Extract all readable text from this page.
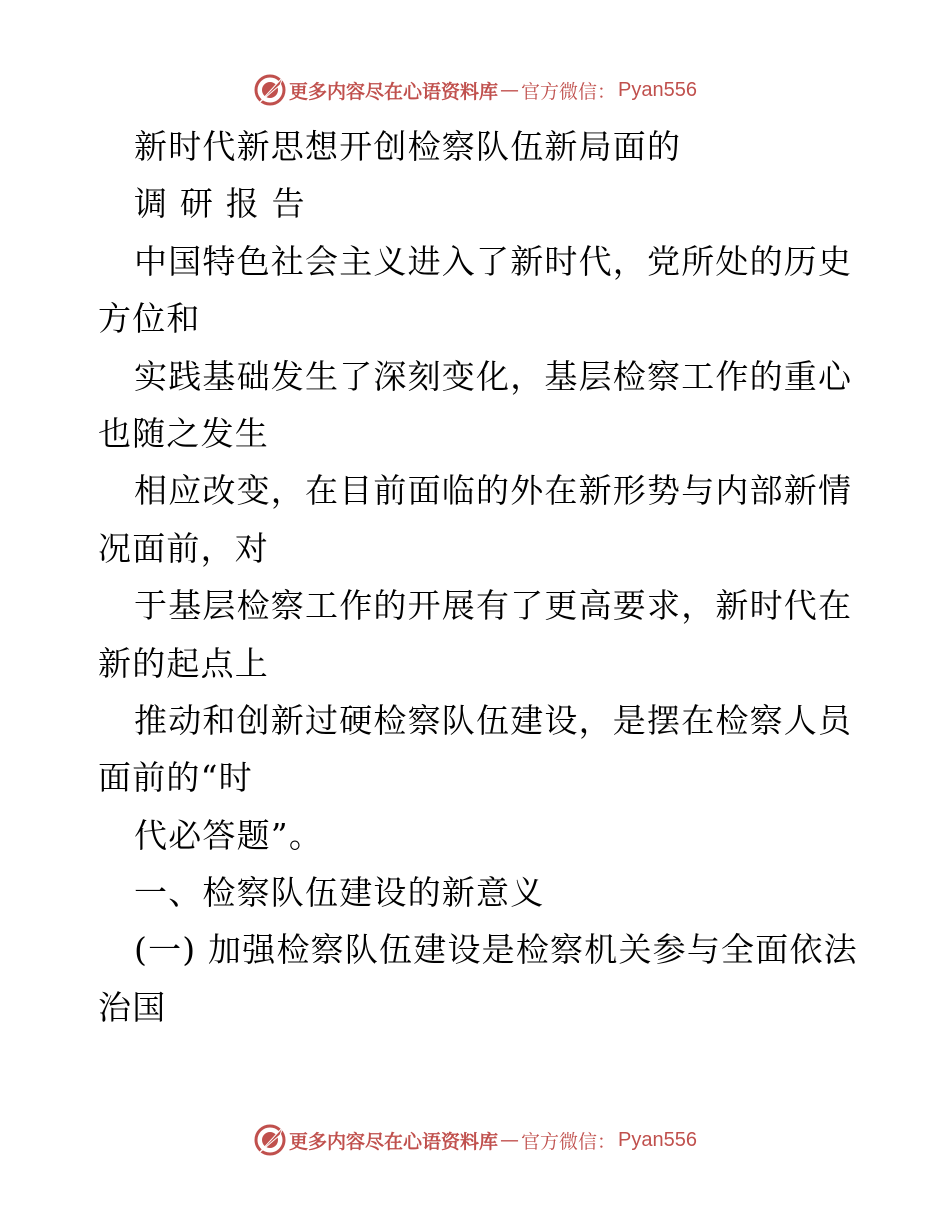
更多内容尽在心语资料库 — 官方微信： Pyan556
新时代新思想开创检察队伍新局面的
调 研 报 告
中国特色社会主义进入了新时代，党所处的历史
方位和
实践基础发生了深刻变化，基层检察工作的重心
也随之发生
相应改变，在目前面临的外在新形势与内部新情
况面前，对
于基层检察工作的开展有了更高要求，新时代在
新的起点上
推动和创新过硬检察队伍建设，是摆在检察人员
面前的“时
代必答题”。
一、检察队伍建设的新意义
(一) 加强检察队伍建设是检察机关参与全面依法
治国
更多内容尽在心语资料库 — 官方微信： Pyan556
